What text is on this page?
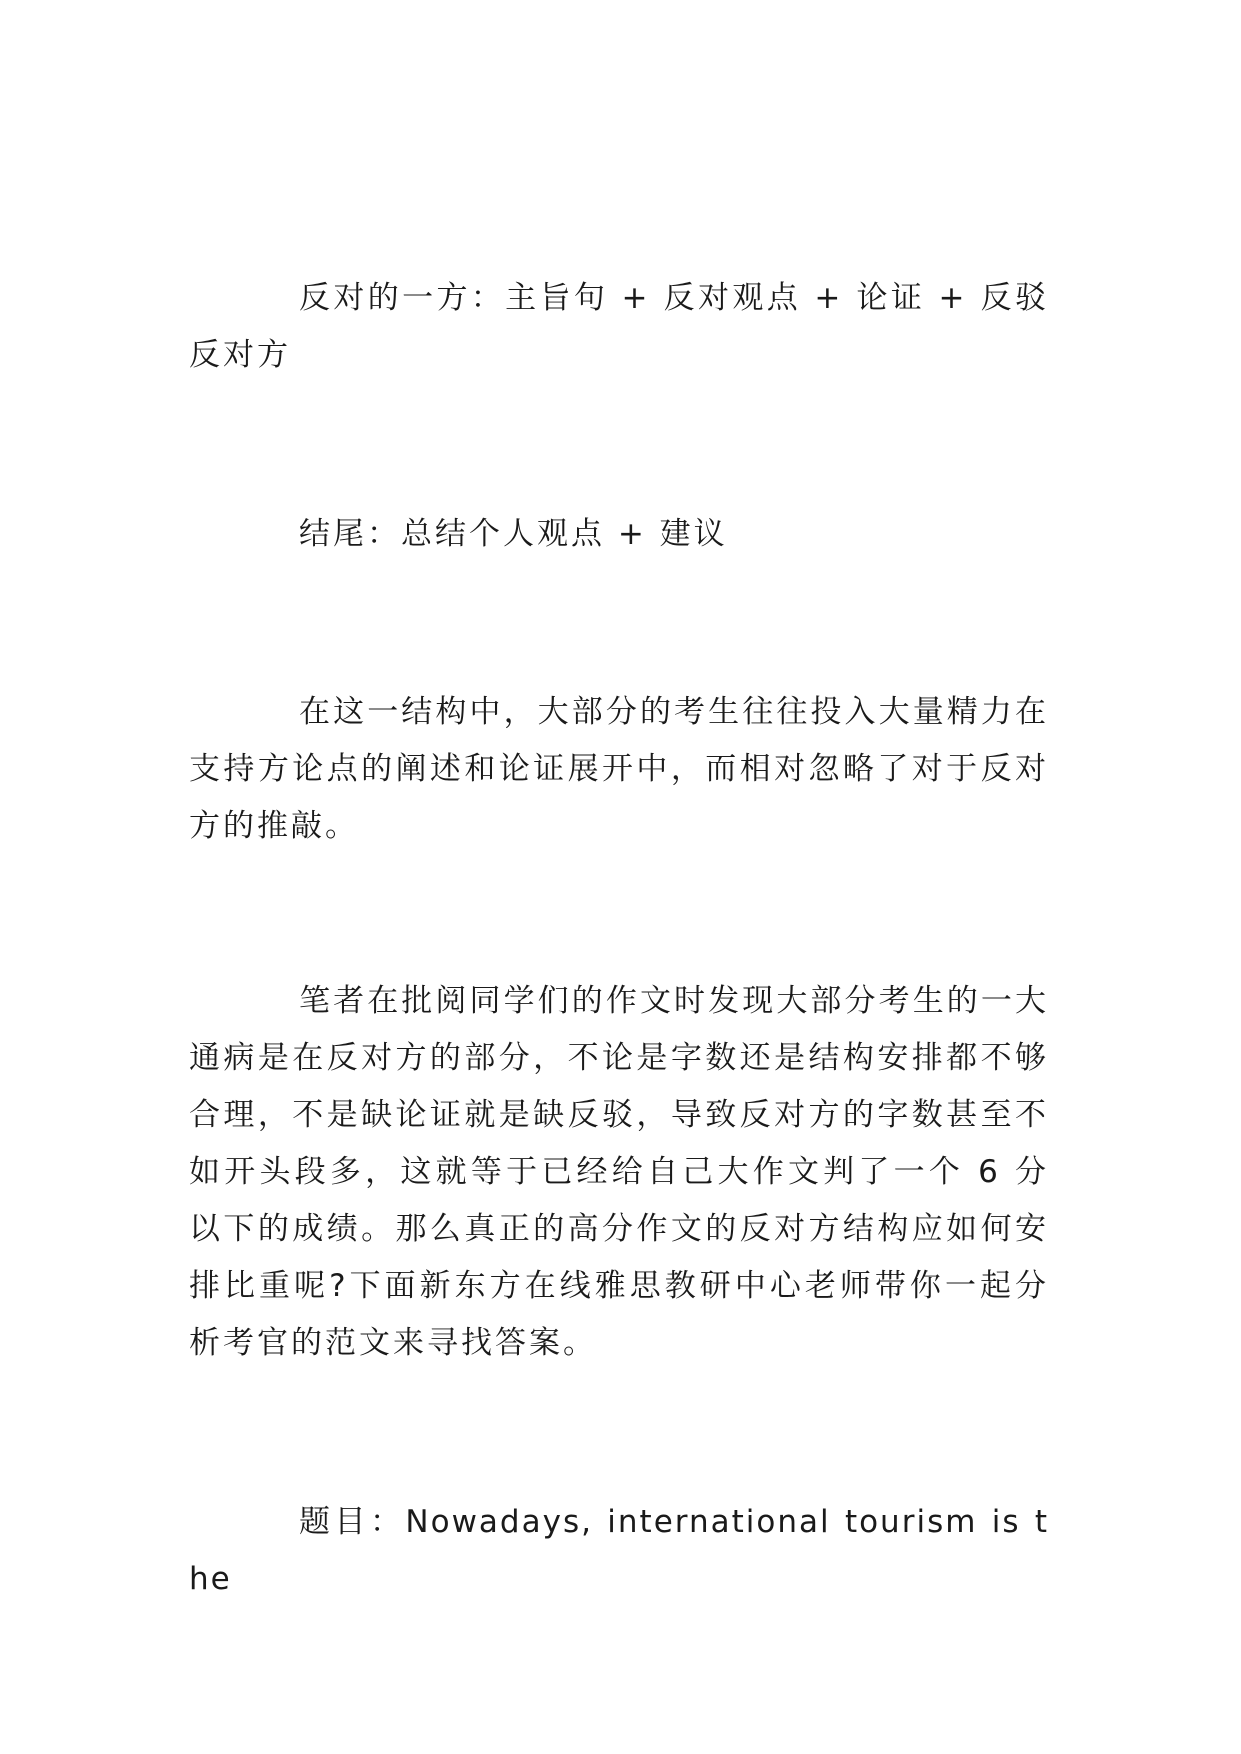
反对的一方：主旨句 + 反对观点 + 论证 + 反驳反对方

结尾：总结个人观点 + 建议

在这一结构中，大部分的考生往往投入大量精力在支持方论点的阐述和论证展开中，而相对忽略了对于反对方的推敲。

笔者在批阅同学们的作文时发现大部分考生的一大通病是在反对方的部分，不论是字数还是结构安排都不够合理，不是缺论证就是缺反驳，导致反对方的字数甚至不如开头段多，这就等于已经给自己大作文判了一个 6 分以下的成绩。那么真正的高分作文的反对方结构应如何安排比重呢?下面新东方在线雅思教研中心老师带你一起分析考官的范文来寻找答案。

题目：Nowadays, international tourism is the
